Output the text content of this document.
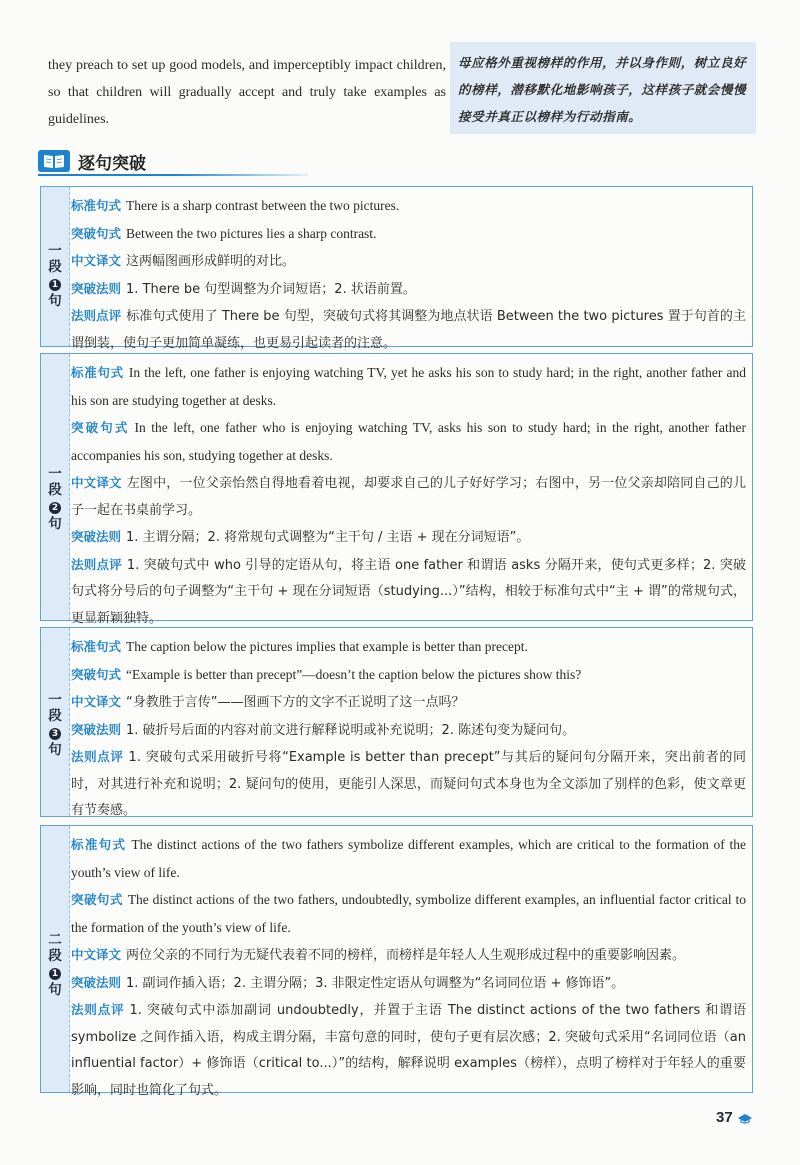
they preach to set up good models, and imperceptibly impact children, so that children will gradually accept and truly take examples as guidelines.
母应格外重视榜样的作用，并以身作则，树立良好的榜样，潜移默化地影响孩子，这样孩子就会慢慢接受并真正以榜样为行动指南。
逐句突破
一段
1
句

标准句式 There is a sharp contrast between the two pictures.

突破句式 Between the two pictures lies a sharp contrast.

中文译文 这两幅图画形成鲜明的对比。

突破法则 1. There be 句型调整为介词短语；2. 状语前置。

法则点评 标准句式使用了 There be 句型，突破句式将其调整为地点状语 Between the two pictures 置于句首的主谓倒装，使句子更加简单凝练，也更易引起读者的注意。

一段
2
句

标准句式 In the left, one father is enjoying watching TV, yet he asks his son to study hard; in the right, another father and his son are studying together at desks.

突破句式 In the left, one father who is enjoying watching TV, asks his son to study hard; in the right, another father accompanies his son, studying together at desks.

中文译文 左图中，一位父亲怡然自得地看着电视，却要求自己的儿子好好学习；右图中，另一位父亲却陪同自己的儿子一起在书桌前学习。

突破法则 1. 主谓分隔；2. 将常规句式调整为“主干句 / 主语 + 现在分词短语”。

法则点评 1. 突破句式中 who 引导的定语从句，将主语 one father 和谓语 asks 分隔开来，使句式更多样；2. 突破句式将分号后的句子调整为“主干句 + 现在分词短语（studying...）”结构，相较于标准句式中“主 + 谓”的常规句式，更显新颖独特。

一段
3
句

标准句式 The caption below the pictures implies that example is better than precept.

突破句式 “Example is better than precept”—doesn’t the caption below the pictures show this?

中文译文 “身教胜于言传”——图画下方的文字不正说明了这一点吗？

突破法则 1. 破折号后面的内容对前文进行解释说明或补充说明；2. 陈述句变为疑问句。

法则点评 1. 突破句式采用破折号将“Example is better than precept”与其后的疑问句分隔开来，突出前者的同时，对其进行补充和说明；2. 疑问句的使用，更能引人深思，而疑问句式本身也为全文添加了别样的色彩，使文章更有节奏感。

二段
1
句

标准句式 The distinct actions of the two fathers symbolize different examples, which are critical to the formation of the youth’s view of life.

突破句式 The distinct actions of the two fathers, undoubtedly, symbolize different examples, an influential factor critical to the formation of the youth’s view of life.

中文译文 两位父亲的不同行为无疑代表着不同的榜样，而榜样是年轻人人生观形成过程中的重要影响因素。

突破法则 1. 副词作插入语；2. 主谓分隔；3. 非限定性定语从句调整为“名词同位语 + 修饰语”。

法则点评 1. 突破句式中添加副词 undoubtedly，并置于主语 The distinct actions of the two fathers 和谓语 symbolize 之间作插入语，构成主谓分隔，丰富句意的同时，使句子更有层次感；2. 突破句式采用“名词同位语（an influential factor）+ 修饰语（critical to...）”的结构，解释说明 examples（榜样），点明了榜样对于年轻人的重要影响，同时也简化了句式。

37
